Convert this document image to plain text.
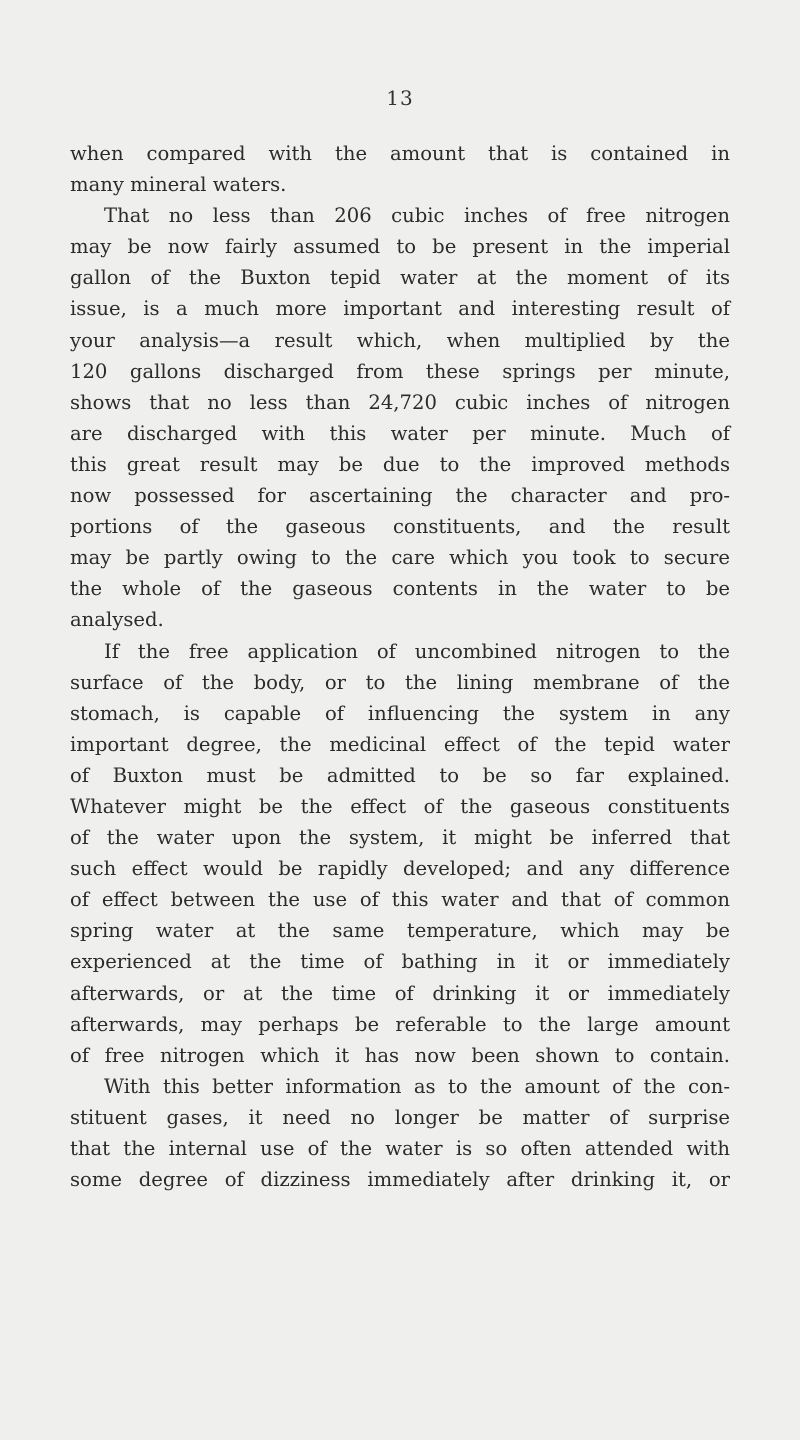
13
when compared with the amount that is contained in
many mineral waters.
That no less than 206 cubic inches of free nitrogen
may be now fairly assumed to be present in the imperial
gallon of the Buxton tepid water at the moment of its
issue, is a much more important and interesting result of
your analysis—a result which, when multiplied by the
120 gallons discharged from these springs per minute,
shows that no less than 24,720 cubic inches of nitrogen
are discharged with this water per minute. Much of
this great result may be due to the improved methods
now possessed for ascertaining the character and pro-
portions of the gaseous constituents, and the result
may be partly owing to the care which you took to secure
the whole of the gaseous contents in the water to be
analysed.
If the free application of uncombined nitrogen to the
surface of the body, or to the lining membrane of the
stomach, is capable of influencing the system in any
important degree, the medicinal effect of the tepid water
of Buxton must be admitted to be so far explained.
Whatever might be the effect of the gaseous constituents
of the water upon the system, it might be inferred that
such effect would be rapidly developed; and any difference
of effect between the use of this water and that of common
spring water at the same temperature, which may be
experienced at the time of bathing in it or immediately
afterwards, or at the time of drinking it or immediately
afterwards, may perhaps be referable to the large amount
of free nitrogen which it has now been shown to contain.
With this better information as to the amount of the con-
stituent gases, it need no longer be matter of surprise
that the internal use of the water is so often attended with
some degree of dizziness immediately after drinking it, or
